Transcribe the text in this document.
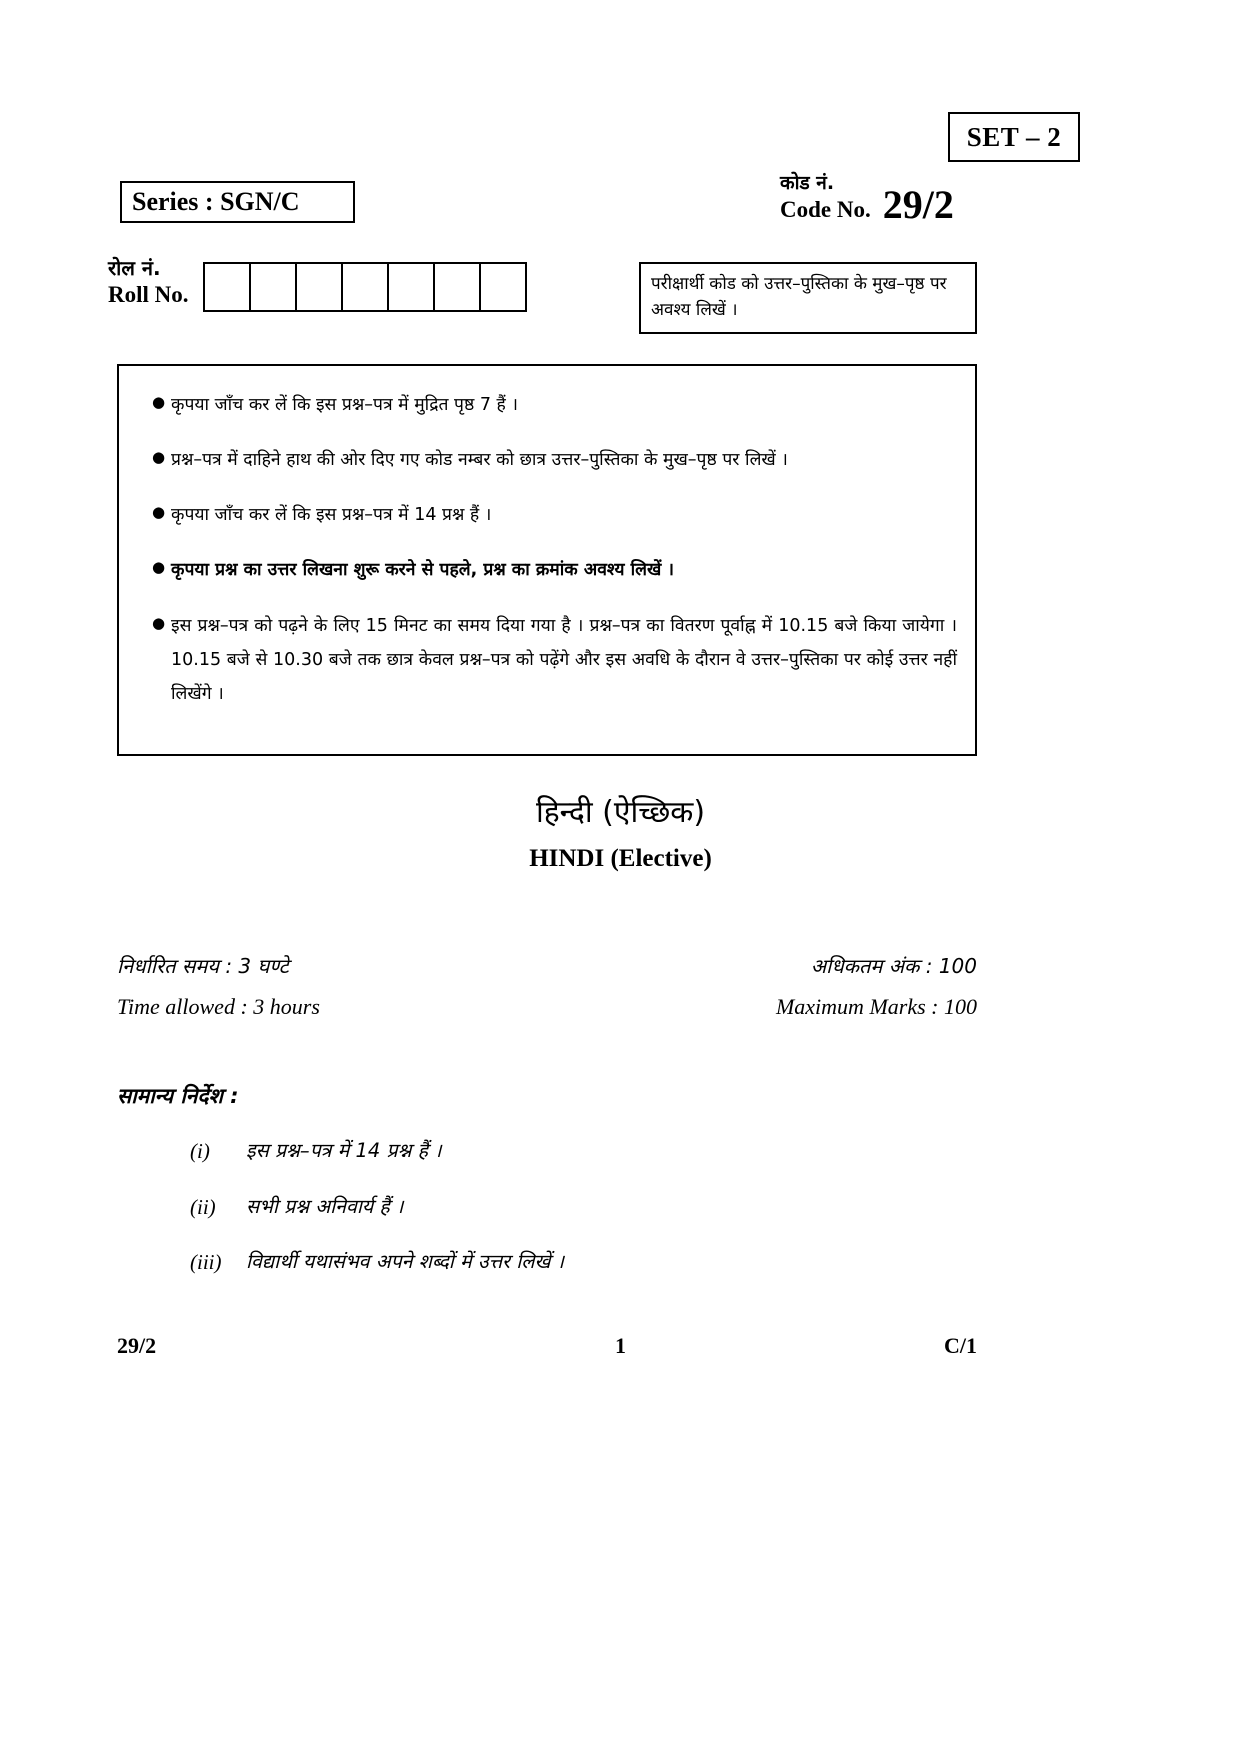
SET – 2
Series : SGN/C
कोड नं.
Code No. 29/2
रोल नं.
Roll No.	परीक्षार्थी कोड को उत्तर–पुस्तिका के मुख–पृष्ठ पर अवश्य लिखें ।
● कृपया जाँच कर लें कि इस प्रश्न–पत्र में मुद्रित पृष्ठ 7 हैं ।
● प्रश्न–पत्र में दाहिने हाथ की ओर दिए गए कोड नम्बर को छात्र उत्तर–पुस्तिका के मुख–पृष्ठ पर लिखें ।
● कृपया जाँच कर लें कि इस प्रश्न–पत्र में 14 प्रश्न हैं ।
● कृपया प्रश्न का उत्तर लिखना शुरू करने से पहले, प्रश्न का क्रमांक अवश्य लिखें ।
● इस प्रश्न–पत्र को पढ़ने के लिए 15 मिनट का समय दिया गया है । प्रश्न–पत्र का वितरण पूर्वाह्न में 10.15 बजे किया जायेगा । 10.15 बजे से 10.30 बजे तक छात्र केवल प्रश्न–पत्र को पढ़ेंगे और इस अवधि के दौरान वे उत्तर–पुस्तिका पर कोई उत्तर नहीं लिखेंगे ।
हिन्दी (ऐच्छिक)
HINDI (Elective)
निर्धारित समय : 3 घण्टे	अधिकतम अंक : 100
Time allowed : 3 hours	Maximum Marks : 100
सामान्य निर्देश :
(i)	इस प्रश्न–पत्र में 14 प्रश्न हैं ।
(ii)	सभी प्रश्न अनिवार्य हैं ।
(iii)	विद्यार्थी यथासंभव अपने शब्दों में उत्तर लिखें ।
29/2	C/1
1
